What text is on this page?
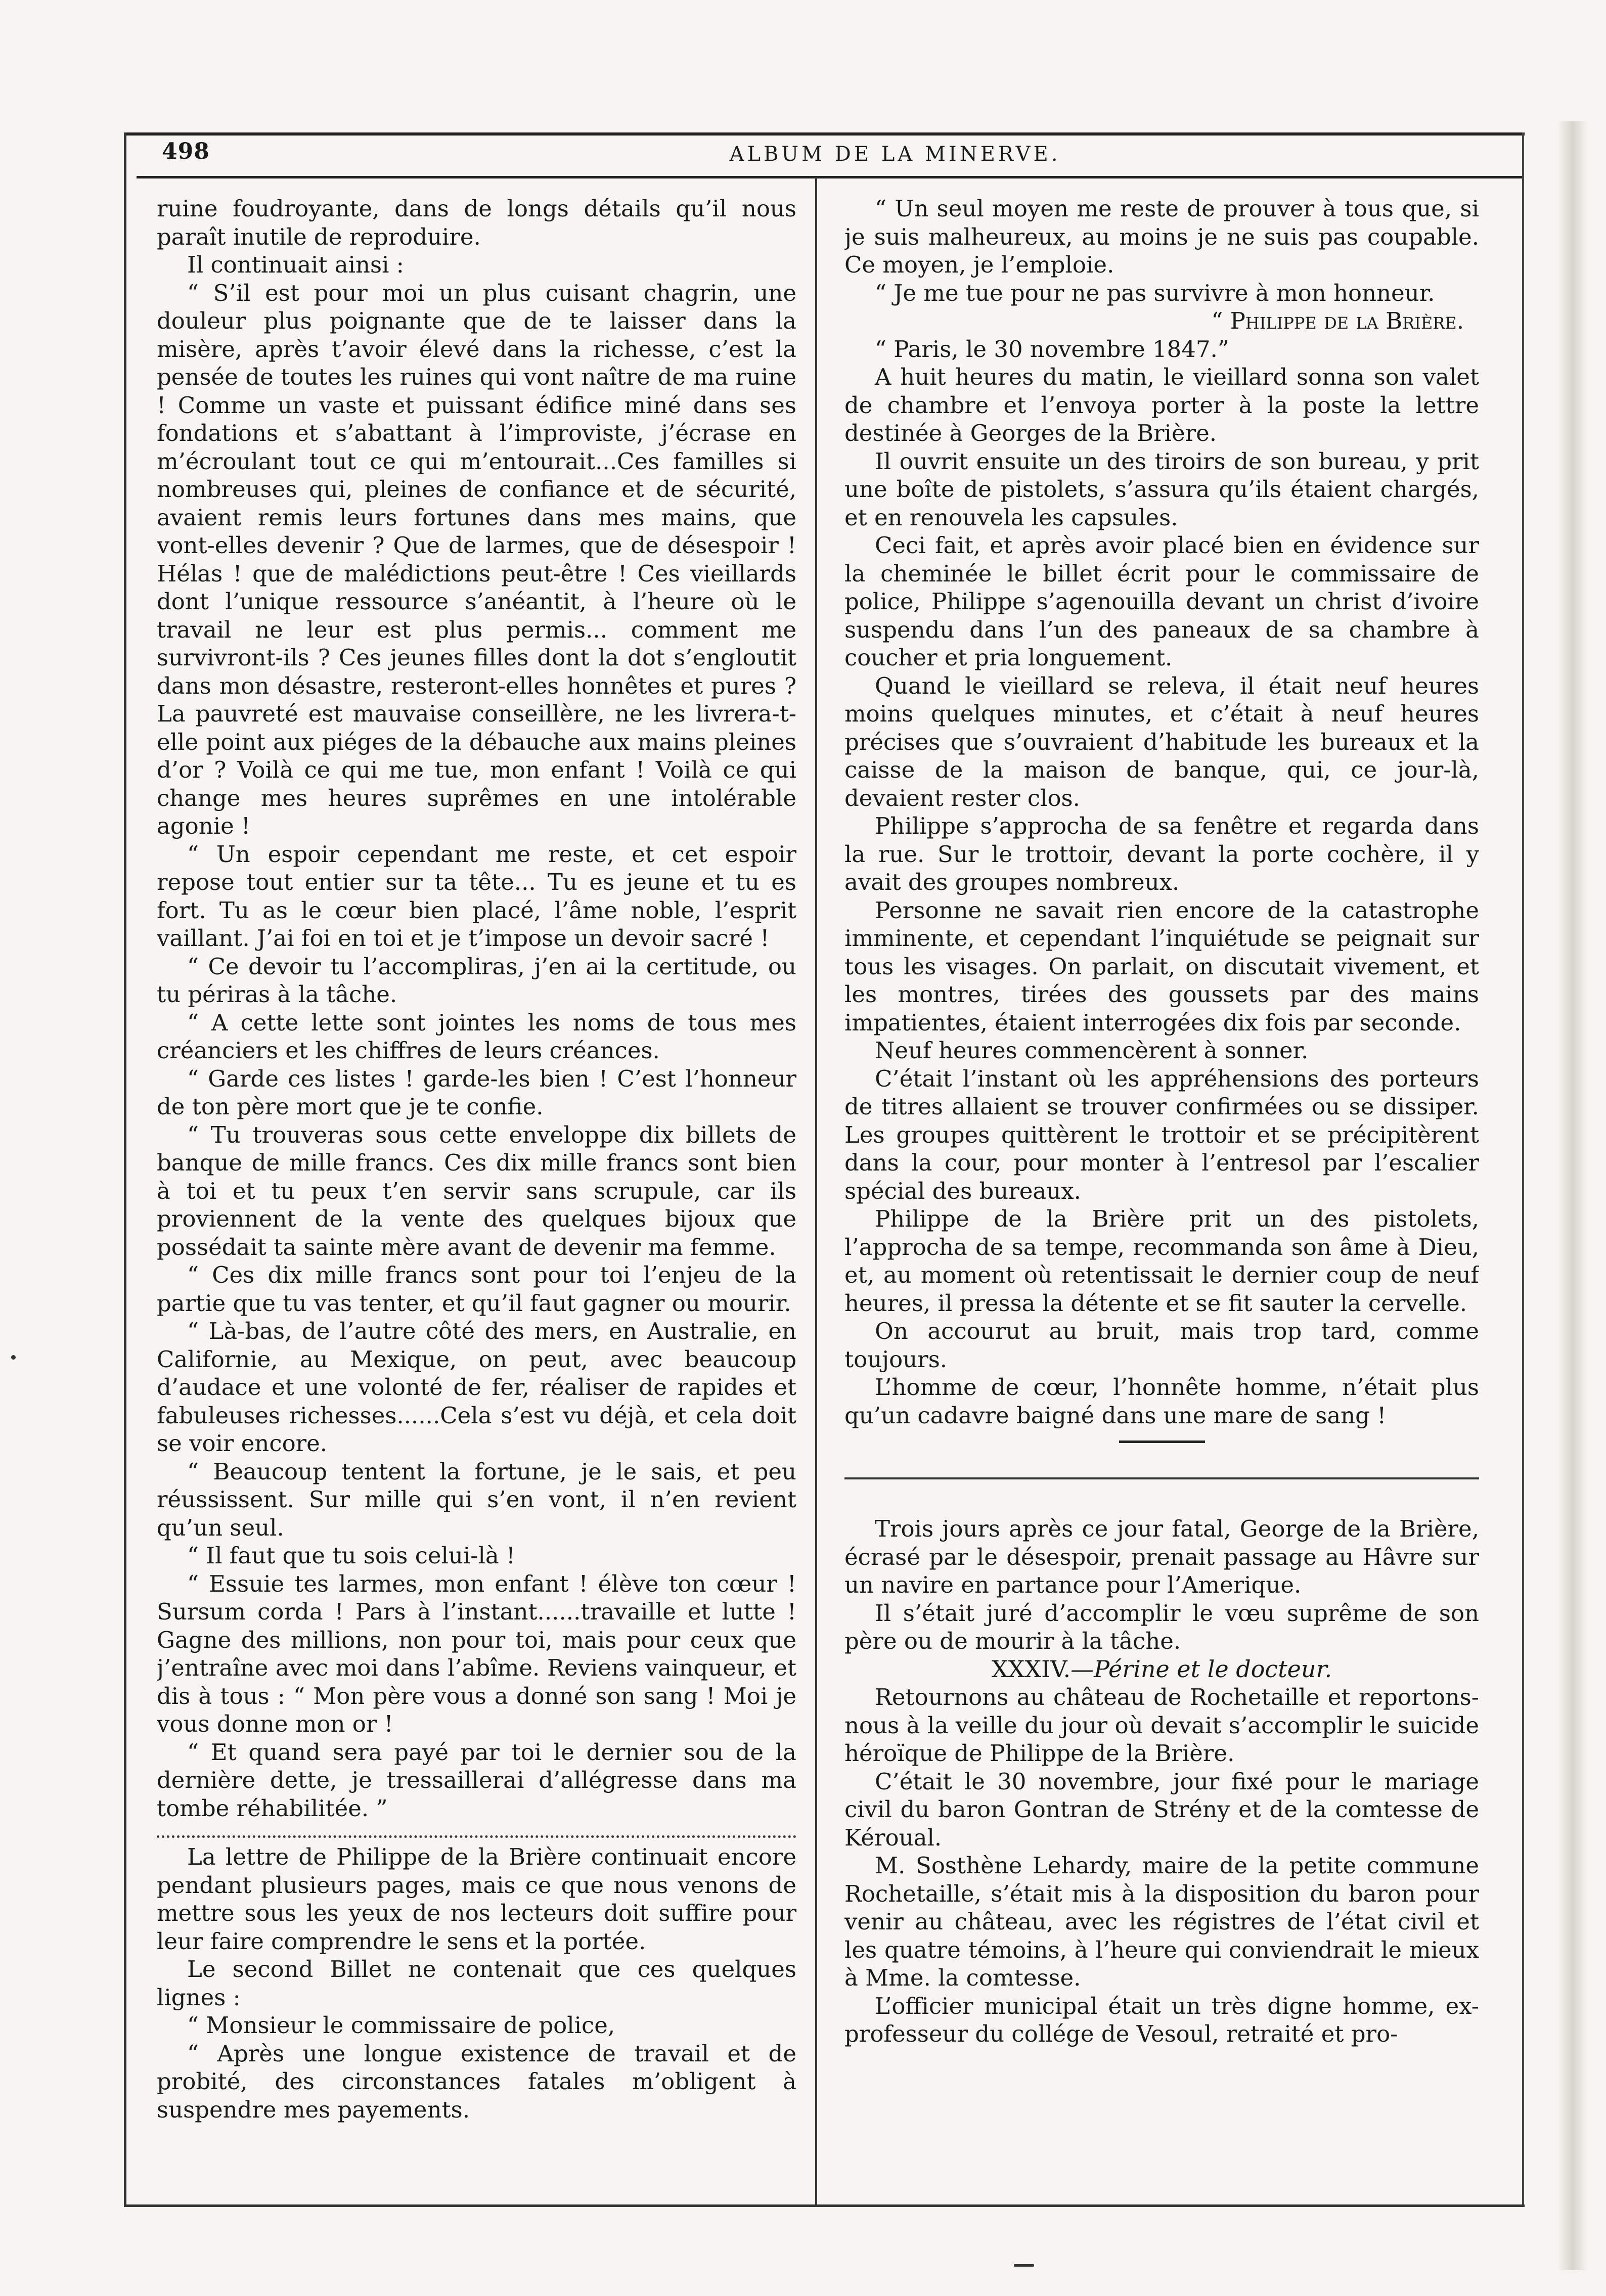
498	ALBUM DE LA MINERVE.

ruine foudroyante, dans de longs détails qu’il nous paraît inutile de reproduire.

Il continuait ainsi :

“ S’il est pour moi un plus cuisant chagrin, une douleur plus poignante que de te laisser dans la misère, après t’avoir élevé dans la richesse, c’est la pensée de toutes les ruines qui vont naître de ma ruine ! Comme un vaste et puissant édifice miné dans ses fondations et s’abattant à l’improviste, j’écrase en m’écroulant tout ce qui m’entourait...Ces familles si nombreuses qui, pleines de confiance et de sécurité, avaient remis leurs fortunes dans mes mains, que vont-elles devenir ? Que de larmes, que de désespoir ! Hélas ! que de malédictions peut-être ! Ces vieillards dont l’unique ressource s’anéantit, à l’heure où le travail ne leur est plus permis... comment me survivront-ils ? Ces jeunes filles dont la dot s’engloutit dans mon désastre, resteront-elles honnêtes et pures ? La pauvreté est mauvaise conseillère, ne les livrera-t-elle point aux piéges de la débauche aux mains pleines d’or ? Voilà ce qui me tue, mon enfant ! Voilà ce qui change mes heures suprêmes en une intolérable agonie !

“ Un espoir cependant me reste, et cet espoir repose tout entier sur ta tête... Tu es jeune et tu es fort. Tu as le cœur bien placé, l’âme noble, l’esprit vaillant. J’ai foi en toi et je t’impose un devoir sacré !

“ Ce devoir tu l’accompliras, j’en ai la certitude, ou tu périras à la tâche.

“ A cette lette sont jointes les noms de tous mes créanciers et les chiffres de leurs créances.

“ Garde ces listes ! garde-les bien ! C’est l’honneur de ton père mort que je te confie.

“ Tu trouveras sous cette enveloppe dix billets de banque de mille francs. Ces dix mille francs sont bien à toi et tu peux t’en servir sans scrupule, car ils proviennent de la vente des quelques bijoux que possédait ta sainte mère avant de devenir ma femme.

“ Ces dix mille francs sont pour toi l’enjeu de la partie que tu vas tenter, et qu’il faut gagner ou mourir.

“ Là-bas, de l’autre côté des mers, en Australie, en Californie, au Mexique, on peut, avec beaucoup d’audace et une volonté de fer, réaliser de rapides et fabuleuses richesses......Cela s’est vu déjà, et cela doit se voir encore.

“ Beaucoup tentent la fortune, je le sais, et peu réussissent. Sur mille qui s’en vont, il n’en revient qu’un seul.

“ Il faut que tu sois celui-là !

“ Essuie tes larmes, mon enfant ! élève ton cœur ! Sursum corda ! Pars à l’instant......travaille et lutte ! Gagne des millions, non pour toi, mais pour ceux que j’entraîne avec moi dans l’abîme. Reviens vainqueur, et dis à tous : “ Mon père vous a donné son sang ! Moi je vous donne mon or !

“ Et quand sera payé par toi le dernier sou de la dernière dette, je tressaillerai d’allégresse dans ma tombe réhabilitée. ”

La lettre de Philippe de la Brière continuait encore pendant plusieurs pages, mais ce que nous venons de mettre sous les yeux de nos lecteurs doit suffire pour leur faire comprendre le sens et la portée.

Le second Billet ne contenait que ces quelques lignes :

“ Monsieur le commissaire de police,

“ Après une longue existence de travail et de probité, des circonstances fatales m’obligent à suspendre mes payements.

“ Un seul moyen me reste de prouver à tous que, si je suis malheureux, au moins je ne suis pas coupable. Ce moyen, je l’emploie.

“ Je me tue pour ne pas survivre à mon honneur.

“ Philippe de la Brière.

“ Paris, le 30 novembre 1847.”

A huit heures du matin, le vieillard sonna son valet de chambre et l’envoya porter à la poste la lettre destinée à Georges de la Brière.

Il ouvrit ensuite un des tiroirs de son bureau, y prit une boîte de pistolets, s’assura qu’ils étaient chargés, et en renouvela les capsules.

Ceci fait, et après avoir placé bien en évidence sur la cheminée le billet écrit pour le commissaire de police, Philippe s’agenouilla devant un christ d’ivoire suspendu dans l’un des paneaux de sa chambre à coucher et pria longuement.

Quand le vieillard se releva, il était neuf heures moins quelques minutes, et c’était à neuf heures précises que s’ouvraient d’habitude les bureaux et la caisse de la maison de banque, qui, ce jour-là, devaient rester clos.

Philippe s’approcha de sa fenêtre et regarda dans la rue. Sur le trottoir, devant la porte cochère, il y avait des groupes nombreux.

Personne ne savait rien encore de la catastrophe imminente, et cependant l’inquiétude se peignait sur tous les visages. On parlait, on discutait vivement, et les montres, tirées des goussets par des mains impatientes, étaient interrogées dix fois par seconde.

Neuf heures commencèrent à sonner.

C’était l’instant où les appréhensions des porteurs de titres allaient se trouver confirmées ou se dissiper. Les groupes quittèrent le trottoir et se précipitèrent dans la cour, pour monter à l’entresol par l’escalier spécial des bureaux.

Philippe de la Brière prit un des pistolets, l’approcha de sa tempe, recommanda son âme à Dieu, et, au moment où retentissait le dernier coup de neuf heures, il pressa la détente et se fit sauter la cervelle.

On accourut au bruit, mais trop tard, comme toujours.

L’homme de cœur, l’honnête homme, n’était plus qu’un cadavre baigné dans une mare de sang !

Trois jours après ce jour fatal, George de la Brière, écrasé par le désespoir, prenait passage au Hâvre sur un navire en partance pour l’Amerique.

Il s’était juré d’accomplir le vœu suprême de son père ou de mourir à la tâche.

XXXIV.—Périne et le docteur.

Retournons au château de Rochetaille et reportons-nous à la veille du jour où devait s’accomplir le suicide héroïque de Philippe de la Brière.

C’était le 30 novembre, jour fixé pour le mariage civil du baron Gontran de Strény et de la comtesse de Kéroual.

M. Sosthène Lehardy, maire de la petite commune Rochetaille, s’était mis à la disposition du baron pour venir au château, avec les régistres de l’état civil et les quatre témoins, à l’heure qui conviendrait le mieux à Mme. la comtesse.

L’officier municipal était un très digne homme, ex-professeur du collége de Vesoul, retraité et pro-
